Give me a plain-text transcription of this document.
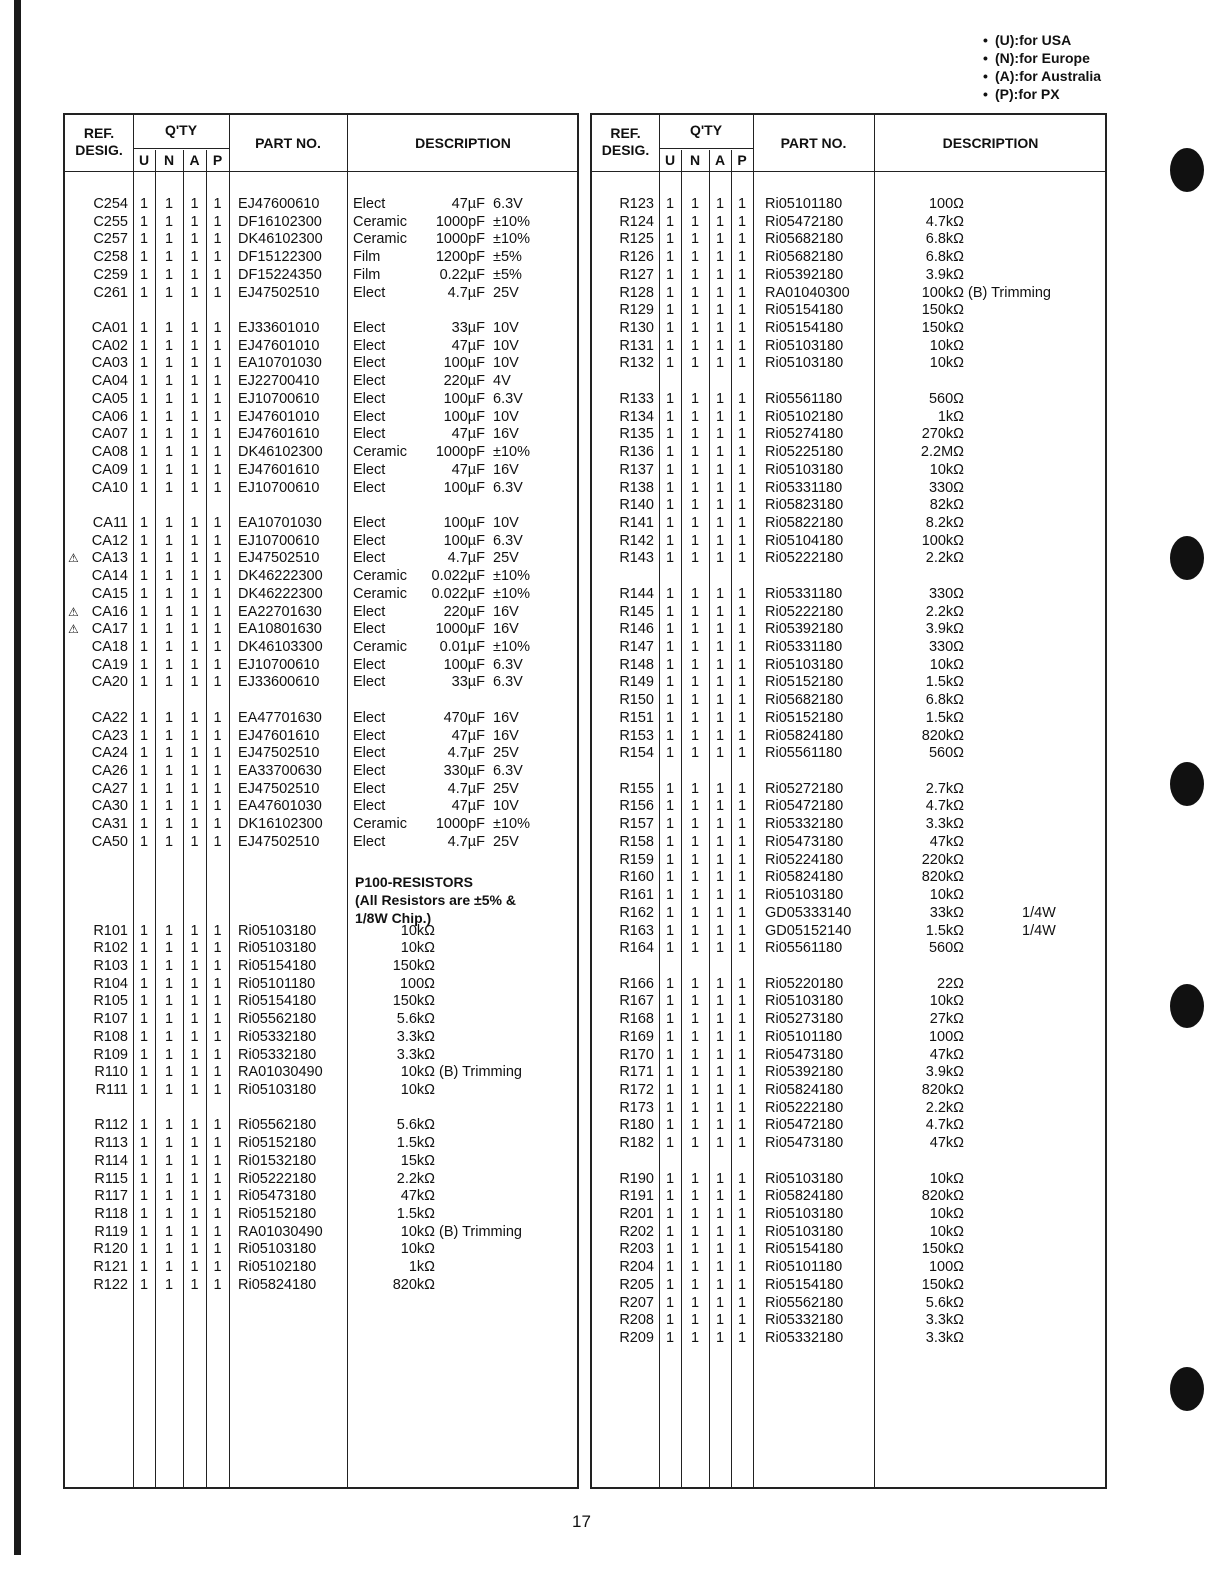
• (U):for USA
• (N):for Europe
• (A):for Australia
• (P):for PX
REF.
DESIG.
Q'TY
U	N	A P
PART NO.	DESCRIPTION
C254 1	1	1	1	EJ47600610 Elect	47µF 6.3V
C255 1	1	1	1	DF16102300 Ceramic	1000pF ±10%
C257 1	1	1	1	DK46102300 Ceramic	1000pF ±10%
C258 1	1	1	1	DF15122300 Film	1200pF ±5%
C259 1	1	1	1	DF15224350 Film	0.22µF ±5%
C261 1	1	1	1	EJ47502510 Elect	4.7µF 25V
CA01 1	1	1	1	EJ33601010 Elect	33µF 10V
CA02 1	1	1	1	EJ47601010 Elect	47µF 10V
CA03 1	1	1	1	EA10701030 Elect	100µF 10V
CA04 1	1	1	1	EJ22700410 Elect	220µF 4V
CA05 1	1	1	1	EJ10700610 Elect	100µF 6.3V
CA06 1	1	1	1	EJ47601010 Elect	100µF 10V
CA07 1	1	1	1	EJ47601610 Elect	47µF 16V
CA08 1	1	1	1	DK46102300 Ceramic	1000pF ±10%
CA09 1	1	1	1	EJ47601610 Elect	47µF 16V
CA10 1	1	1	1	EJ10700610 Elect	100µF 6.3V
CA11 1	1	1	1	EA10701030 Elect	100µF 10V
CA12 1	1	1	1	EJ10700610 Elect	100µF 6.3V
⚠ CA13 1	1	1	1	EJ47502510 Elect	4.7µF 25V
CA14 1	1	1	1	DK46222300 Ceramic	0.022µF ±10%
CA15 1	1	1	1	DK46222300 Ceramic	0.022µF ±10%
⚠ CA16 1	1	1	1	EA22701630 Elect	220µF 16V
⚠ CA17 1	1	1	1	EA10801630 Elect	1000µF 16V
CA18 1	1	1	1	DK46103300 Ceramic	0.01µF ±10%
CA19 1	1	1	1	EJ10700610 Elect	100µF 6.3V
CA20 1	1	1	1	EJ33600610 Elect	33µF 6.3V
CA22 1	1	1	1	EA47701630 Elect	470µF 16V
CA23 1	1	1	1	EJ47601610 Elect	47µF 16V
CA24 1	1	1	1	EJ47502510 Elect	4.7µF 25V
CA26 1	1	1	1	EA33700630 Elect	330µF 6.3V
CA27 1	1	1	1	EJ47502510 Elect	4.7µF 25V
CA30 1	1	1	1	EA47601030 Elect	47µF 10V
CA31 1	1	1	1	DK16102300 Ceramic	1000pF ±10%
CA50 1	1	1	1	EJ47502510 Elect	4.7µF 25V
R101 1	1	1	1	Ri05103180	10kΩ
R102 1	1	1	1	Ri05103180	10kΩ
R103 1	1	1	1	Ri05154180	150kΩ
R104 1	1	1	1	Ri05101180	100Ω
R105 1	1	1	1	Ri05154180	150kΩ
R107 1	1	1	1	Ri05562180	5.6kΩ
R108 1	1	1	1	Ri05332180	3.3kΩ
R109 1	1	1	1	Ri05332180	3.3kΩ
R110 1	1	1	1	RA01030490	10kΩ (B) Trimming
R111 1	1	1	1	Ri05103180	10kΩ
R112 1	1	1	1	Ri05562180	5.6kΩ
R113 1	1	1	1	Ri05152180	1.5kΩ
R114 1	1	1	1	Ri01532180	15kΩ
R115 1	1	1	1	Ri05222180	2.2kΩ
R117 1	1	1	1	Ri05473180	47kΩ
R118 1	1	1	1	Ri05152180	1.5kΩ
R119 1	1	1	1	RA01030490	10kΩ (B) Trimming
R120 1	1	1	1	Ri05103180	10kΩ
R121 1	1	1	1	Ri05102180	1kΩ
R122 1	1	1	1	Ri05824180	820kΩ
P100-RESISTORS
(All Resistors are ±5% &
1/8W Chip.)
REF.
DESIG.
Q'TY
U	N	A P
PART NO.	DESCRIPTION
R123 1	1	1 1	Ri05101180	100Ω
R124 1	1	1 1	Ri05472180	4.7kΩ
R125 1	1	1 1	Ri05682180	6.8kΩ
R126 1	1	1 1	Ri05682180	6.8kΩ
R127 1	1	1 1	Ri05392180	3.9kΩ
R128 1	1	1 1	RA01040300	100kΩ (B) Trimming
R129 1	1	1 1	Ri05154180	150kΩ
R130 1	1	1 1	Ri05154180	150kΩ
R131 1	1	1 1	Ri05103180	10kΩ
R132 1	1	1 1	Ri05103180	10kΩ
R133 1	1	1 1	Ri05561180	560Ω
R134 1	1	1 1	Ri05102180	1kΩ
R135 1	1	1 1	Ri05274180	270kΩ
R136 1	1	1 1	Ri05225180	2.2MΩ
R137 1	1	1 1	Ri05103180	10kΩ
R138 1	1	1 1	Ri05331180	330Ω
R140 1	1	1 1	Ri05823180	82kΩ
R141 1	1	1 1	Ri05822180	8.2kΩ
R142 1	1	1 1	Ri05104180	100kΩ
R143 1	1	1 1	Ri05222180	2.2kΩ
R144 1	1	1 1	Ri05331180	330Ω
R145 1	1	1 1	Ri05222180	2.2kΩ
R146 1	1	1 1	Ri05392180	3.9kΩ
R147 1	1	1 1	Ri05331180	330Ω
R148 1	1	1 1	Ri05103180	10kΩ
R149 1	1	1 1	Ri05152180	1.5kΩ
R150 1	1	1 1	Ri05682180	6.8kΩ
R151 1	1	1 1	Ri05152180	1.5kΩ
R153 1	1	1 1	Ri05824180	820kΩ
R154 1	1	1 1	Ri05561180	560Ω
R155 1	1	1 1	Ri05272180	2.7kΩ
R156 1	1	1 1	Ri05472180	4.7kΩ
R157 1	1	1 1	Ri05332180	3.3kΩ
R158 1	1	1 1	Ri05473180	47kΩ
R159 1	1	1 1	Ri05224180	220kΩ
R160 1	1	1 1	Ri05824180	820kΩ
R161 1	1	1 1	Ri05103180	10kΩ
R162 1	1	1 1	GD05333140	33kΩ	1/4W
R163 1	1	1 1	GD05152140	1.5kΩ	1/4W
R164 1	1	1 1	Ri05561180	560Ω
R166 1	1	1 1	Ri05220180	22Ω
R167 1	1	1 1	Ri05103180	10kΩ
R168 1	1	1 1	Ri05273180	27kΩ
R169 1	1	1 1	Ri05101180	100Ω
R170 1	1	1 1	Ri05473180	47kΩ
R171 1	1	1 1	Ri05392180	3.9kΩ
R172 1	1	1 1	Ri05824180	820kΩ
R173 1	1	1 1	Ri05222180	2.2kΩ
R180 1	1	1 1	Ri05472180	4.7kΩ
R182 1	1	1 1	Ri05473180	47kΩ
R190 1	1	1 1	Ri05103180	10kΩ
R191 1	1	1 1	Ri05824180	820kΩ
R201 1	1	1 1	Ri05103180	10kΩ
R202 1	1	1 1	Ri05103180	10kΩ
R203 1	1	1 1	Ri05154180	150kΩ
R204 1	1	1 1	Ri05101180	100Ω
R205 1	1	1 1	Ri05154180	150kΩ
R207 1	1	1 1	Ri05562180	5.6kΩ
R208 1	1	1 1	Ri05332180	3.3kΩ
R209 1	1	1 1	Ri05332180	3.3kΩ
17
